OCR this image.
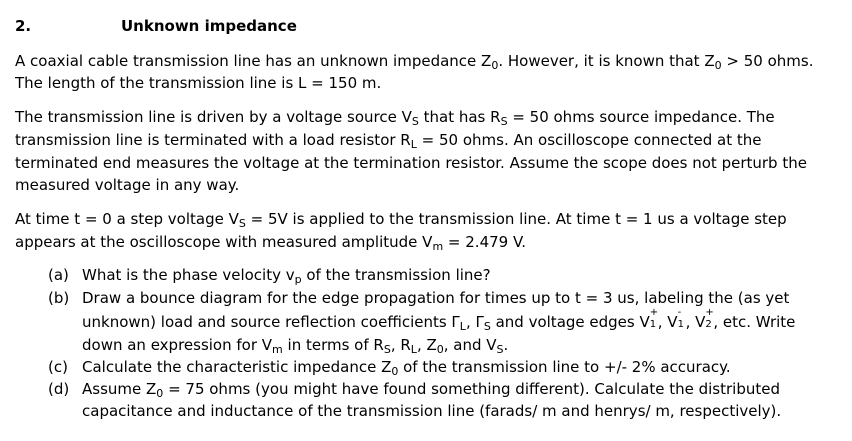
2.	Unknown impedance
A coaxial cable transmission line has an unknown impedance $Z_0$. However, it is known that $Z_0 > 50$ ohms.
The length of the transmission line is L = 150 m.
The transmission line is driven by a voltage source $V_S$ that has $R_S = 50$ ohms source impedance. The
transmission line is terminated with a load resistor $R_L = 50$ ohms. An oscilloscope connected at the
terminated end measures the voltage at the termination resistor. Assume the scope does not perturb the
measured voltage in any way.
At time t = 0 a step voltage $V_S = 5V$ is applied to the transmission line. At time t = 1 us a voltage step
appears at the oscilloscope with measured amplitude $V_m = 2.479$ V.
(a) What is the phase velocity $v_p$ of the transmission line?
(b) Draw a bounce diagram for the edge propagation for times up to t = 3 us, labeling the (as yet
unknown) load and source reflection coefficients $\Gamma_L$, $\Gamma_S$ and voltage edges V
+
1 , V
-
1 , V
+
2 , etc. Write
down an expression for $V_m$ in terms of $R_S$, $R_L$, $Z_0$, and $V_S$.
(c) Calculate the characteristic impedance $Z_0$ of the transmission line to +/- 2% accuracy.
(d) Assume $Z_0 = 75$ ohms (you might have found something different). Calculate the distributed
capacitance and inductance of the transmission line (farads/ m and henrys/ m, respectively).
